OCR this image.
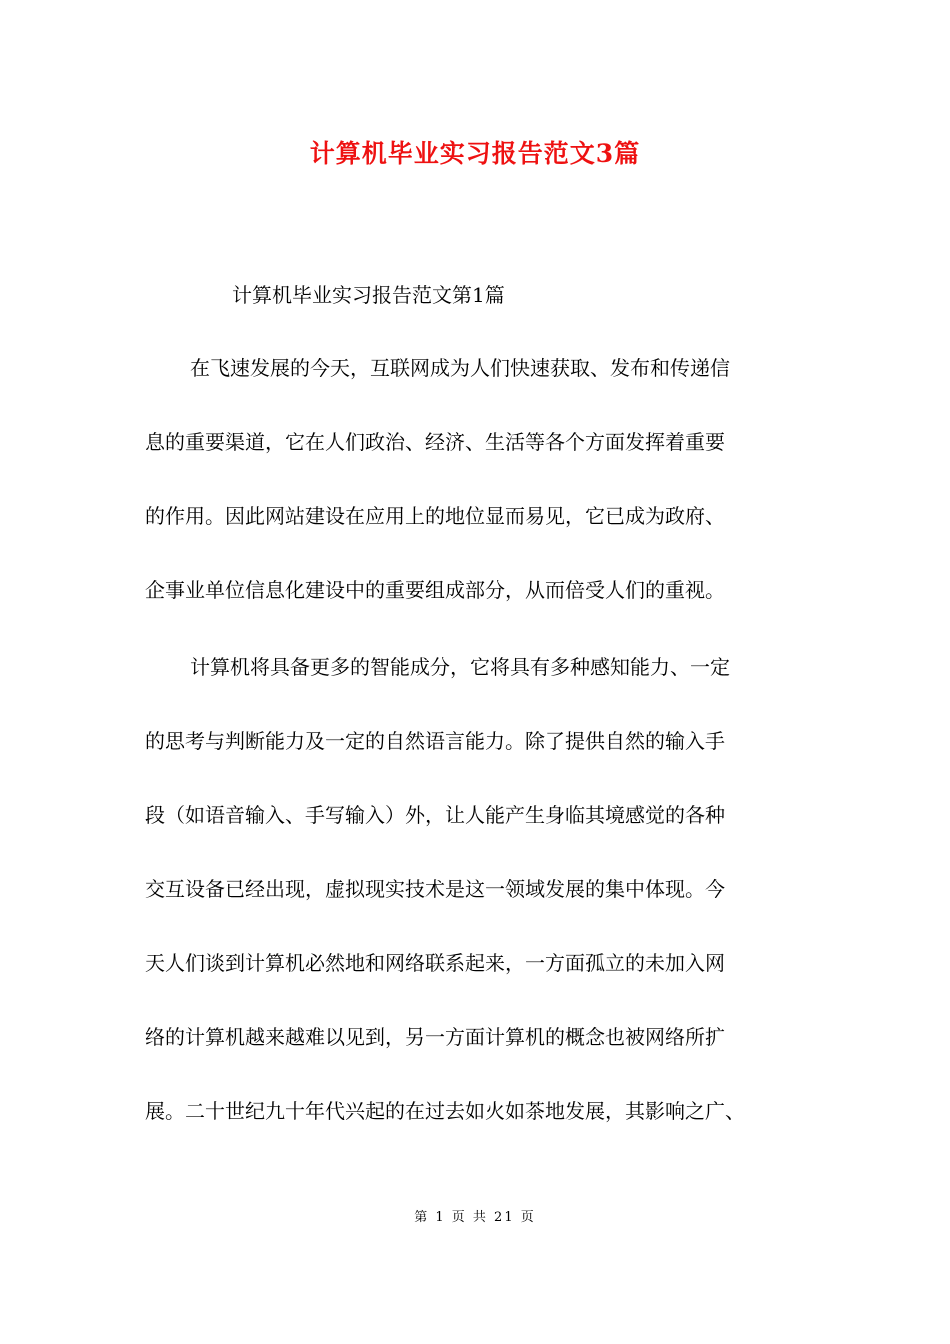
计算机毕业实习报告范文3篇
计算机毕业实习报告范文第1篇
在飞速发展的今天，互联网成为人们快速获取、发布和传递信
息的重要渠道，它在人们政治、经济、生活等各个方面发挥着重要
的作用。因此网站建设在应用上的地位显而易见，它已成为政府、
企事业单位信息化建设中的重要组成部分，从而倍受人们的重视。
计算机将具备更多的智能成分，它将具有多种感知能力、一定
的思考与判断能力及一定的自然语言能力。除了提供自然的输入手
段（如语音输入、手写输入）外，让人能产生身临其境感觉的各种
交互设备已经出现，虚拟现实技术是这一领域发展的集中体现。今
天人们谈到计算机必然地和网络联系起来，一方面孤立的未加入网
络的计算机越来越难以见到，另一方面计算机的概念也被网络所扩
展。二十世纪九十年代兴起的在过去如火如茶地发展，其影响之广、
第 1 页 共 21 页
